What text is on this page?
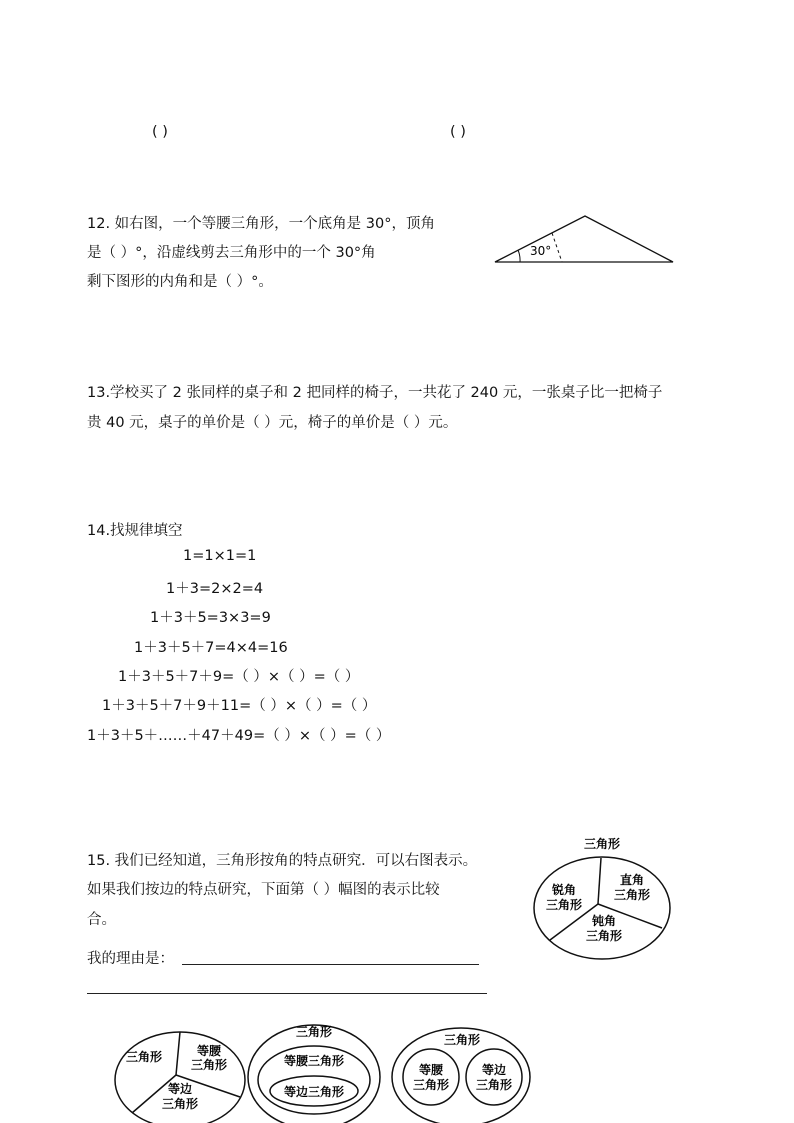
( )	( )
12. 如右图，一个等腰三角形，一个底角是 30°，顶角
是（ ）°，沿虚线剪去三角形中的一个 30°角
剩下图形的内角和是（ ）°。
30°
13.学校买了 2 张同样的桌子和 2 把同样的椅子，一共花了 240 元，一张桌子比一把椅子
贵 40 元，桌子的单价是（ ）元，椅子的单价是（ ）元。
14.找规律填空
1=1×1=1
1＋3=2×2=4
1＋3＋5=3×3=9
1＋3＋5＋7=4×4=16
1＋3＋5＋7＋9=（ ）×（ ）=（ ）
1＋3＋5＋7＋9＋11=（ ）×（ ）=（ ）
1＋3＋5＋……＋47＋49=（ ）×（ ）=（ ）
15. 我们已经知道，三角形按角的特点研究．可以右图表示。
如果我们按边的特点研究，下面第（ ）幅图的表示比较
合。
我的理由是：
三角形
锐角
三角形
直角
三角形
钝角
三角形
三角形	等腰
三角形
等边
三角形
三角形
等腰三角形
等边三角形
三角形
等腰
三角形
等边
三角形
